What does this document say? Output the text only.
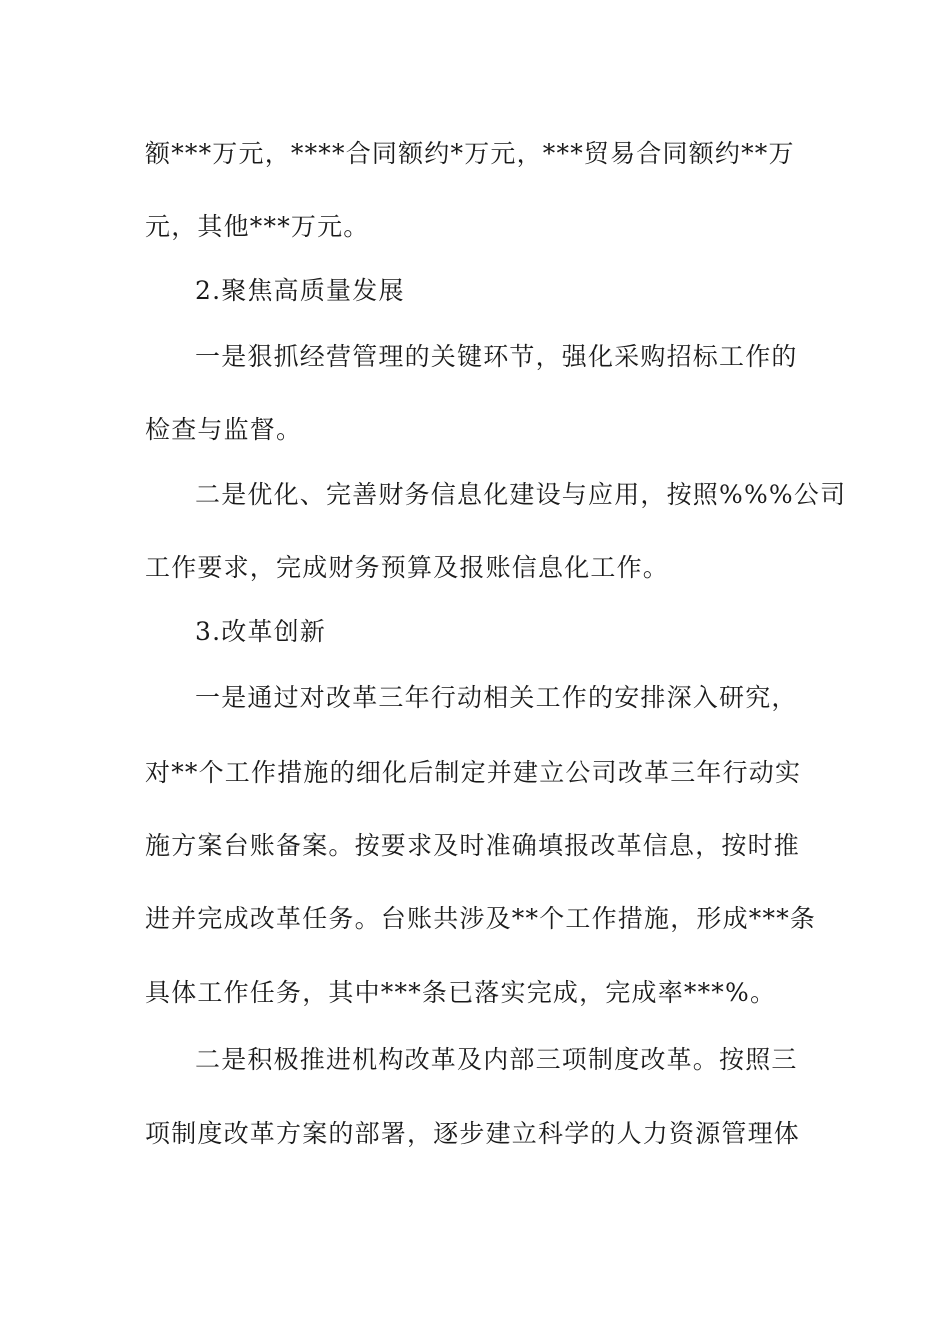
额***万元，****合同额约*万元，***贸易合同额约**万
元，其他***万元。
2.聚焦高质量发展
一是狠抓经营管理的关键环节，强化采购招标工作的
检查与监督。
二是优化、完善财务信息化建设与应用，按照%%%公司
工作要求，完成财务预算及报账信息化工作。
3.改革创新
一是通过对改革三年行动相关工作的安排深入研究，
对**个工作措施的细化后制定并建立公司改革三年行动实
施方案台账备案。按要求及时准确填报改革信息，按时推
进并完成改革任务。台账共涉及**个工作措施，形成***条
具体工作任务，其中***条已落实完成，完成率***%。
二是积极推进机构改革及内部三项制度改革。按照三
项制度改革方案的部署，逐步建立科学的人力资源管理体
